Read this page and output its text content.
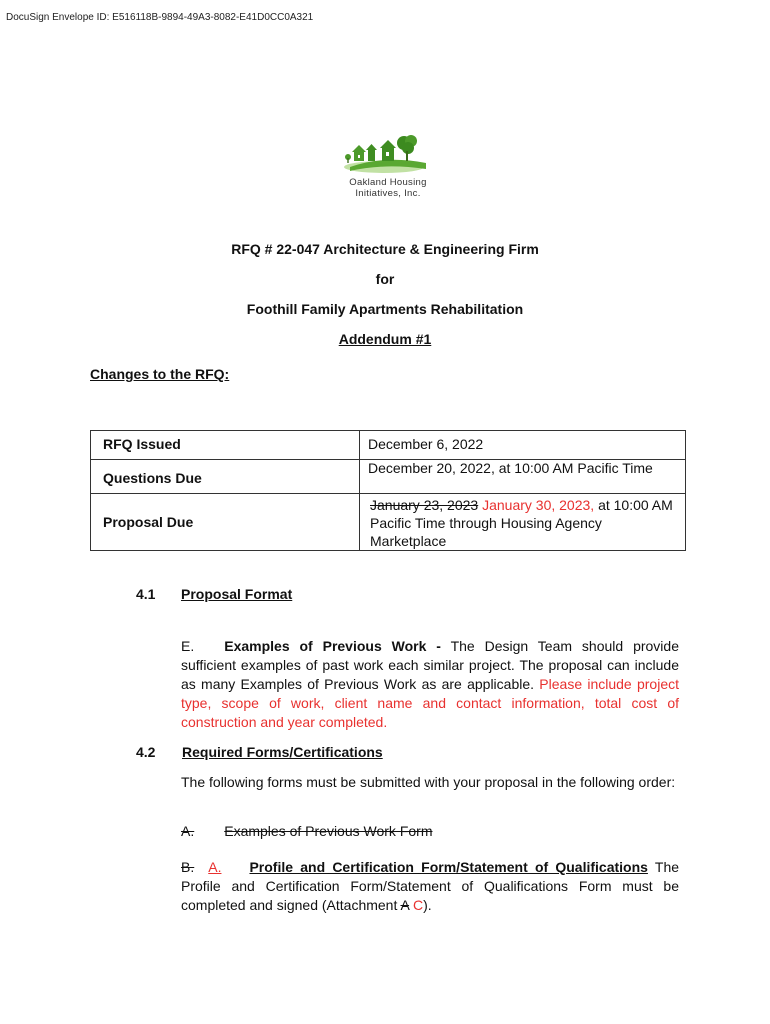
DocuSign Envelope ID: E516118B-9894-49A3-8082-E41D0CC0A321
Oakland Housing
Initiatives, Inc.
RFQ # 22-047 Architecture & Engineering Firm
for
Foothill Family Apartments Rehabilitation
Addendum #1
Changes to the RFQ:
RFQ Issued	December 6, 2022
Questions Due	December 20, 2022, at 10:00 AM Pacific Time
Proposal Due	January 23, 2023 January 30, 2023, at 10:00 AM
Pacific Time through Housing Agency
Marketplace
4.1 Proposal Format
E. Examples of Previous Work - The Design Team should provide sufficient examples of past work each similar project. The proposal can include as many Examples of Previous Work as are applicable. Please include project type, scope of work, client name and contact information, total cost of construction and year completed.
4.2 Required Forms/Certifications
The following forms must be submitted with your proposal in the following order:
A. Examples of Previous Work Form
B. A. Profile and Certification Form/Statement of Qualifications The Profile and Certification Form/Statement of Qualifications Form must be completed and signed (Attachment A C).
